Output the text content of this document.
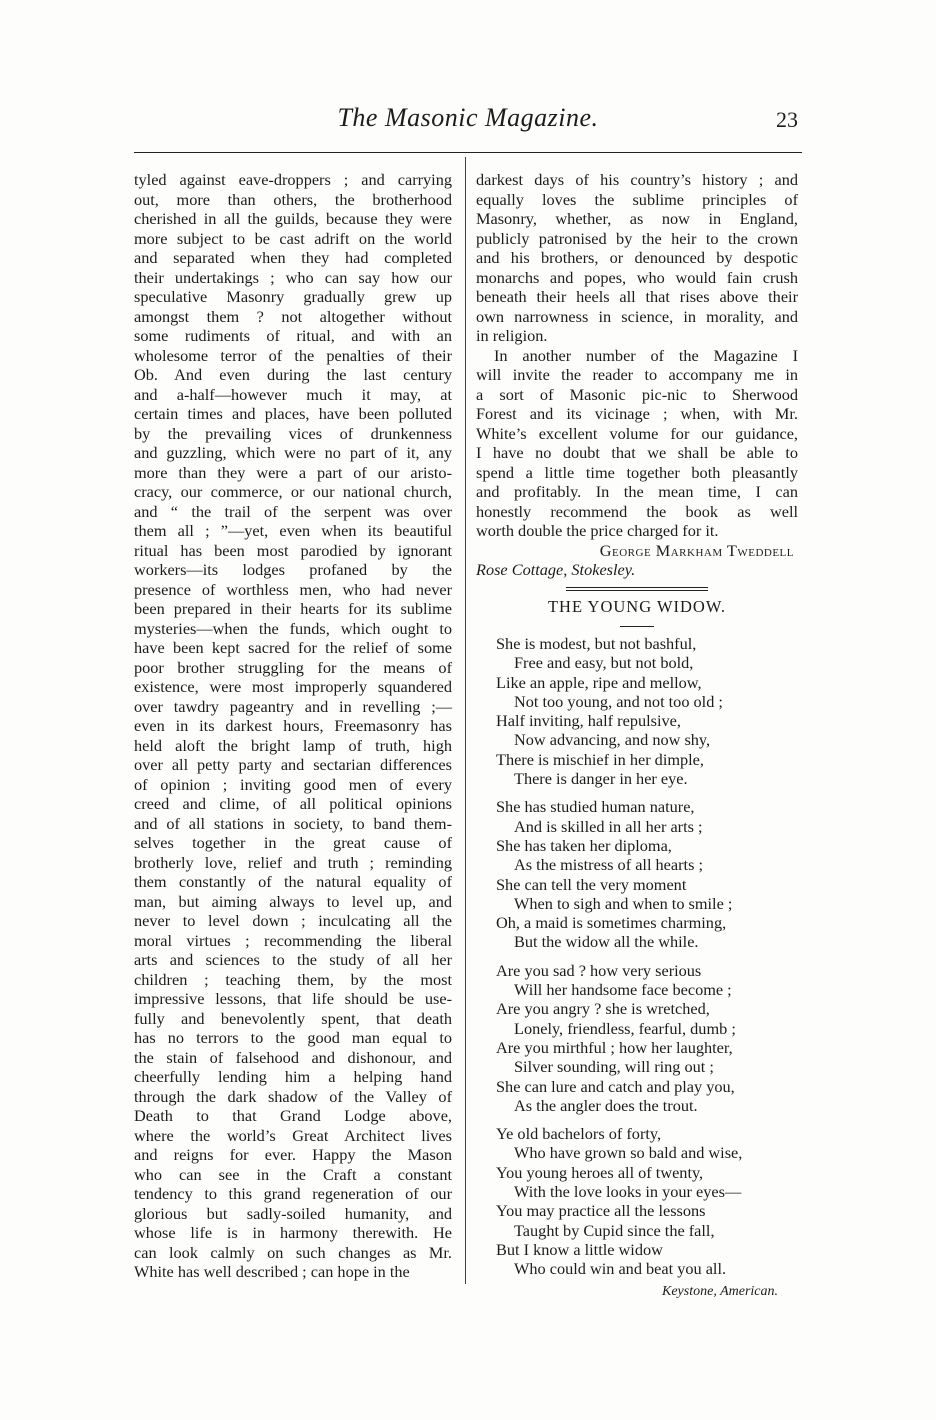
The Masonic Magazine.	23
tyled against eave-droppers ; and carrying
out, more than others, the brotherhood
cherished in all the guilds, because they were
more subject to be cast adrift on the world
and separated when they had completed
their undertakings ; who can say how our
speculative Masonry gradually grew up
amongst them ? not altogether without
some rudiments of ritual, and with an
wholesome terror of the penalties of their
Ob. And even during the last century
and a-half—however much it may, at
certain times and places, have been polluted
by the prevailing vices of drunkenness
and guzzling, which were no part of it, any
more than they were a part of our aristo-
cracy, our commerce, or our national church,
and “ the trail of the serpent was over
them all ; ”—yet, even when its beautiful
ritual has been most parodied by ignorant
workers—its lodges profaned by the
presence of worthless men, who had never
been prepared in their hearts for its sublime
mysteries—when the funds, which ought to
have been kept sacred for the relief of some
poor brother struggling for the means of
existence, were most improperly squandered
over tawdry pageantry and in revelling ;—
even in its darkest hours, Freemasonry has
held aloft the bright lamp of truth, high
over all petty party and sectarian differences
of opinion ; inviting good men of every
creed and clime, of all political opinions
and of all stations in society, to band them-
selves together in the great cause of
brotherly love, relief and truth ; reminding
them constantly of the natural equality of
man, but aiming always to level up, and
never to level down ; inculcating all the
moral virtues ; recommending the liberal
arts and sciences to the study of all her
children ; teaching them, by the most
impressive lessons, that life should be use-
fully and benevolently spent, that death
has no terrors to the good man equal to
the stain of falsehood and dishonour, and
cheerfully lending him a helping hand
through the dark shadow of the Valley of
Death to that Grand Lodge above,
where the world’s Great Architect lives
and reigns for ever. Happy the Mason
who can see in the Craft a constant
tendency to this grand regeneration of our
glorious but sadly-soiled humanity, and
whose life is in harmony therewith. He
can look calmly on such changes as Mr.
White has well described ; can hope in the
darkest days of his country’s history ; and
equally loves the sublime principles of
Masonry, whether, as now in England,
publicly patronised by the heir to the crown
and his brothers, or denounced by despotic
monarchs and popes, who would fain crush
beneath their heels all that rises above their
own narrowness in science, in morality, and
in religion.
In another number of the Magazine I
will invite the reader to accompany me in
a sort of Masonic pic-nic to Sherwood
Forest and its vicinage ; when, with Mr.
White’s excellent volume for our guidance,
I have no doubt that we shall be able to
spend a little time together both pleasantly
and profitably. In the mean time, I can
honestly recommend the book as well
worth double the price charged for it.
George Markham Tweddell
Rose Cottage, Stokesley.
THE YOUNG WIDOW.
She is modest, but not bashful,
Free and easy, but not bold,
Like an apple, ripe and mellow,
Not too young, and not too old ;
Half inviting, half repulsive,
Now advancing, and now shy,
There is mischief in her dimple,
There is danger in her eye.
She has studied human nature,
And is skilled in all her arts ;
She has taken her diploma,
As the mistress of all hearts ;
She can tell the very moment
When to sigh and when to smile ;
Oh, a maid is sometimes charming,
But the widow all the while.
Are you sad ? how very serious
Will her handsome face become ;
Are you angry ? she is wretched,
Lonely, friendless, fearful, dumb ;
Are you mirthful ; how her laughter,
Silver sounding, will ring out ;
She can lure and catch and play you,
As the angler does the trout.
Ye old bachelors of forty,
Who have grown so bald and wise,
You young heroes all of twenty,
With the love looks in your eyes—
You may practice all the lessons
Taught by Cupid since the fall,
But I know a little widow
Who could win and beat you all.
Keystone, American.
